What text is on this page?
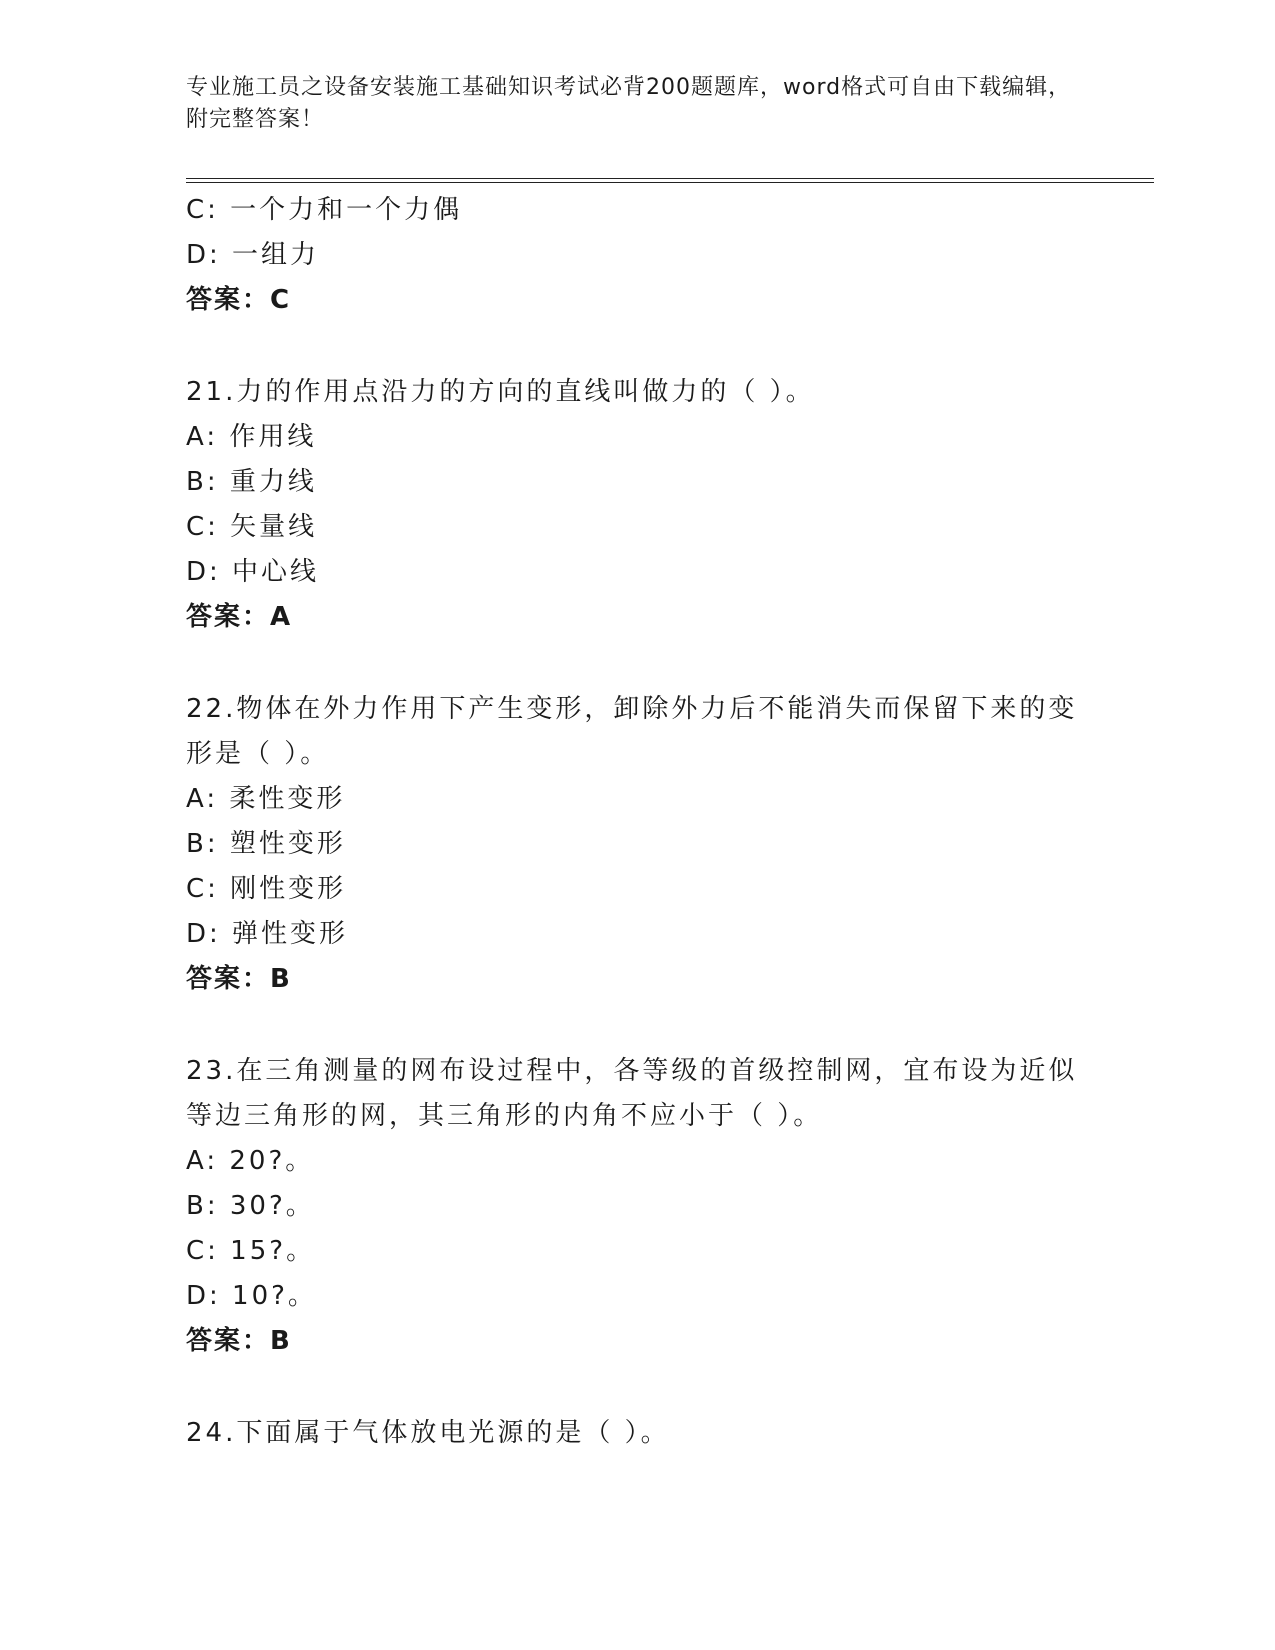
专业施工员之设备安装施工基础知识考试必背200题题库，word格式可自由下载编辑，附完整答案！
C: 一个力和一个力偶
D: 一组力
答案：C
21.力的作用点沿力的方向的直线叫做力的（ ）。
A: 作用线
B: 重力线
C: 矢量线
D: 中心线
答案：A
22.物体在外力作用下产生变形，卸除外力后不能消失而保留下来的变形是（ ）。
A: 柔性变形
B: 塑性变形
C: 刚性变形
D: 弹性变形
答案：B
23.在三角测量的网布设过程中，各等级的首级控制网，宜布设为近似等边三角形的网，其三角形的内角不应小于（ ）。
A: 20?。
B: 30?。
C: 15?。
D: 10?。
答案：B
24.下面属于气体放电光源的是（ ）。
